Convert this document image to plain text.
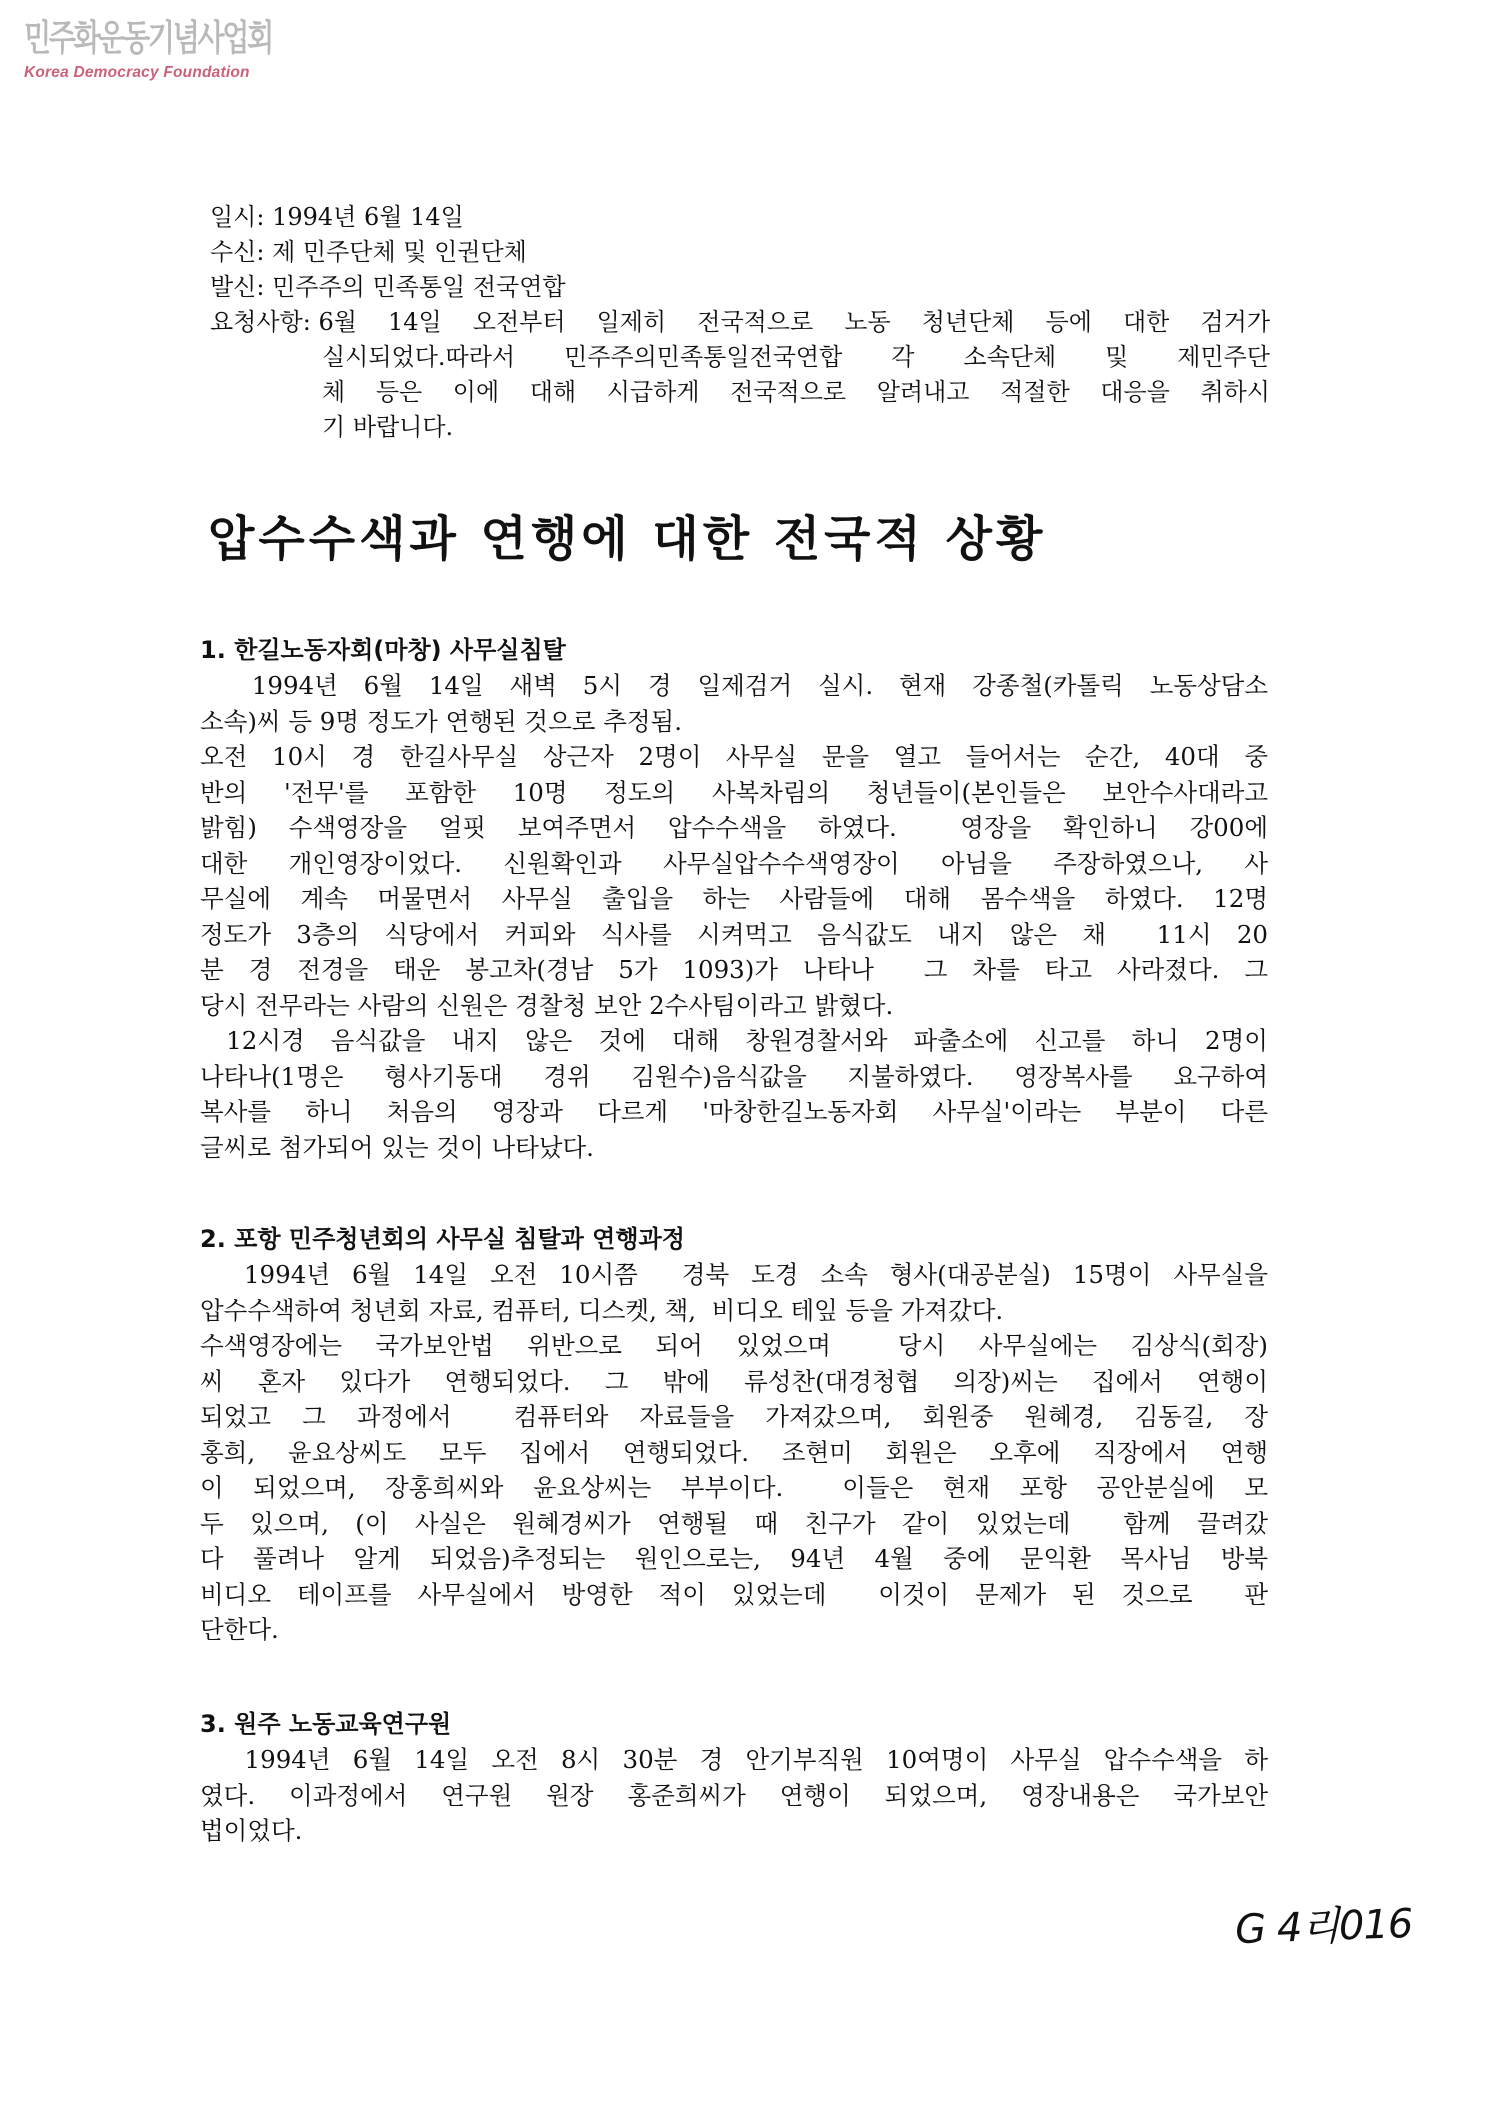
민주화운동기념사업회
Korea Democracy Foundation
일시: 1994년 6월 14일
수신: 제 민주단체 및 인권단체
발신: 민주주의 민족통일 전국연합
요청사항: 6월 14일 오전부터 일제히 전국적으로 노동 청년단체 등에 대한 검거가
실시되었다.따라서 민주주의민족통일전국연합 각 소속단체 및 제민주단
체 등은 이에 대해 시급하게 전국적으로 알려내고 적절한 대응을 취하시
기 바랍니다.
압수수색과 연행에 대한 전국적 상황
1. 한길노동자회(마창) 사무실침탈
1994년 6월 14일 새벽 5시 경 일제검거 실시. 현재 강종철(카톨릭 노동상담소
소속)씨 등 9명 정도가 연행된 것으로 추정됨.
오전 10시 경 한길사무실 상근자 2명이 사무실 문을 열고 들어서는 순간, 40대 중
반의 '전무'를 포함한 10명 정도의 사복차림의 청년들이(본인들은 보안수사대라고
밝힘) 수색영장을 얼핏 보여주면서 압수수색을 하였다.  영장을 확인하니 강00에
대한 개인영장이었다. 신원확인과 사무실압수수색영장이 아님을 주장하였으나, 사
무실에 계속 머물면서 사무실 출입을 하는 사람들에 대해 몸수색을 하였다. 12명
정도가 3층의 식당에서 커피와 식사를 시켜먹고 음식값도 내지 않은 채  11시 20
분 경 전경을 태운 봉고차(경남 5가 1093)가 나타나  그 차를 타고 사라졌다. 그
당시 전무라는 사람의 신원은 경찰청 보안 2수사팀이라고 밝혔다.
12시경 음식값을 내지 않은 것에 대해 창원경찰서와 파출소에 신고를 하니 2명이
나타나(1명은 형사기동대 경위 김원수)음식값을 지불하였다. 영장복사를 요구하여
복사를 하니 처음의 영장과 다르게 '마창한길노동자회 사무실'이라는 부분이 다른
글씨로 첨가되어 있는 것이 나타났다.
2. 포항 민주청년회의 사무실 침탈과 연행과정
1994년 6월 14일 오전 10시쯤  경북 도경 소속 형사(대공분실) 15명이 사무실을
압수수색하여 청년회 자료, 컴퓨터, 디스켓, 책,  비디오 테잎 등을 가져갔다.
수색영장에는 국가보안법 위반으로 되어 있었으며  당시 사무실에는 김상식(회장)
씨 혼자 있다가 연행되었다. 그 밖에 류성찬(대경청협 의장)씨는 집에서 연행이
되었고 그 과정에서  컴퓨터와 자료들을 가져갔으며, 회원중 원혜경, 김동길, 장
홍희, 윤요상씨도 모두 집에서 연행되었다. 조현미 회원은 오후에 직장에서 연행
이 되었으며, 장홍희씨와 윤요상씨는 부부이다.  이들은 현재 포항 공안분실에 모
두 있으며, (이 사실은 원혜경씨가 연행될 때 친구가 같이 있었는데  함께 끌려갔
다 풀려나 알게 되었음)추정되는 원인으로는, 94년 4월 중에 문익환 목사님 방북
비디오 테이프를 사무실에서 방영한 적이 있었는데  이것이 문제가 된 것으로  판
단한다.
3. 원주 노동교육연구원
1994년 6월 14일 오전 8시 30분 경 안기부직원 10여명이 사무실 압수수색을 하
였다. 이과정에서 연구원 원장 홍준희씨가 연행이 되었으며, 영장내용은 국가보안
법이었다.
G 4리016
